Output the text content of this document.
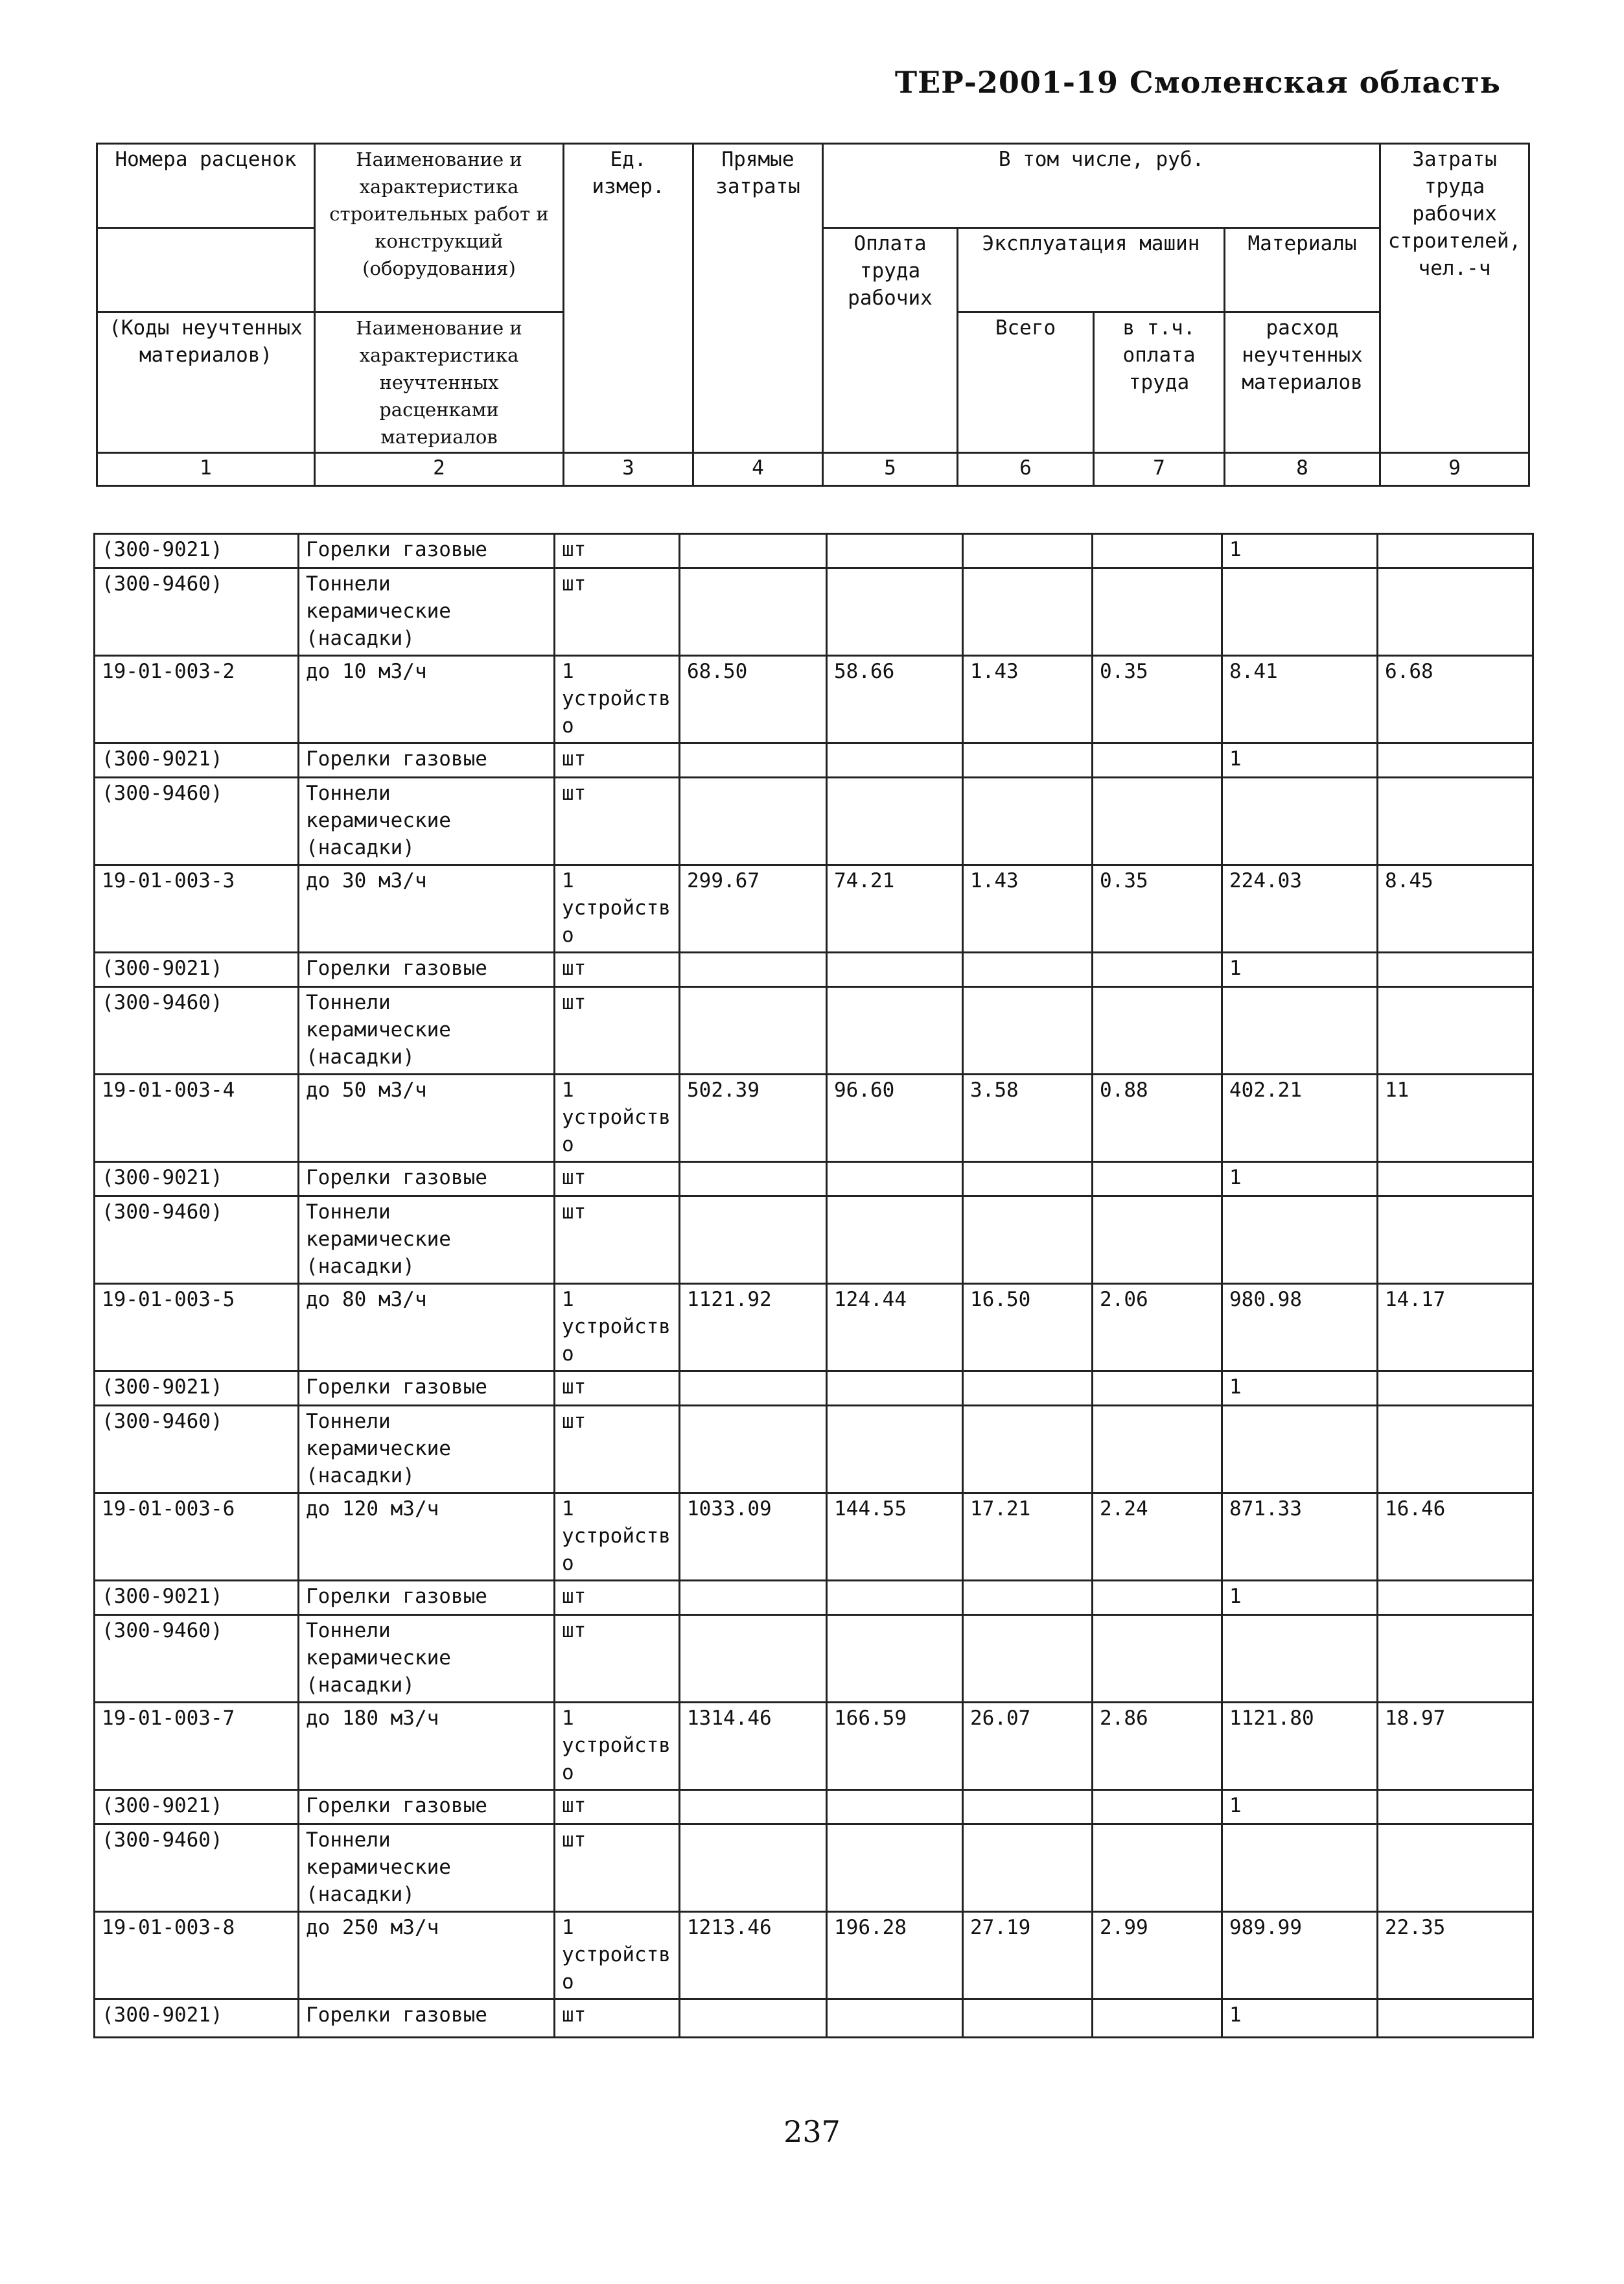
ТЕР-2001-19 Смоленская область
Номера расценок	Наименование и характеристика строительных работ и конструкций (оборудования)	Ед. измер.	Прямые затраты	В том числе, руб.				Затраты труда рабочих строителей, чел.-ч
				Оплата труда рабочих	Эксплуатация машин		Материалы	
(Коды неучтенных материалов)	Наименование и характеристика неучтенных расценками материалов				Всего	в т.ч. оплата труда	расход неучтенных материалов	

1	2	3	4	5	6	7	8	9
(300-9021)	Горелки газовые	шт					1	
(300-9460)	Тоннели керамические (насадки)	шт						
19-01-003-2	до 10 м3/ч	1 устройство	68.50	58.66	1.43	0.35	8.41	6.68
(300-9021)	Горелки газовые	шт					1	
(300-9460)	Тоннели керамические (насадки)	шт						
19-01-003-3	до 30 м3/ч	1 устройство	299.67	74.21	1.43	0.35	224.03	8.45
(300-9021)	Горелки газовые	шт					1	
(300-9460)	Тоннели керамические (насадки)	шт						
19-01-003-4	до 50 м3/ч	1 устройство	502.39	96.60	3.58	0.88	402.21	11
(300-9021)	Горелки газовые	шт					1	
(300-9460)	Тоннели керамические (насадки)	шт						
19-01-003-5	до 80 м3/ч	1 устройство	1121.92	124.44	16.50	2.06	980.98	14.17
(300-9021)	Горелки газовые	шт					1	
(300-9460)	Тоннели керамические (насадки)	шт						
19-01-003-6	до 120 м3/ч	1 устройство	1033.09	144.55	17.21	2.24	871.33	16.46
(300-9021)	Горелки газовые	шт					1	
(300-9460)	Тоннели керамические (насадки)	шт						
19-01-003-7	до 180 м3/ч	1 устройство	1314.46	166.59	26.07	2.86	1121.80	18.97
(300-9021)	Горелки газовые	шт					1	
(300-9460)	Тоннели керамические (насадки)	шт						
19-01-003-8	до 250 м3/ч	1 устройство	1213.46	196.28	27.19	2.99	989.99	22.35
(300-9021)	Горелки газовые	шт					1	
237
